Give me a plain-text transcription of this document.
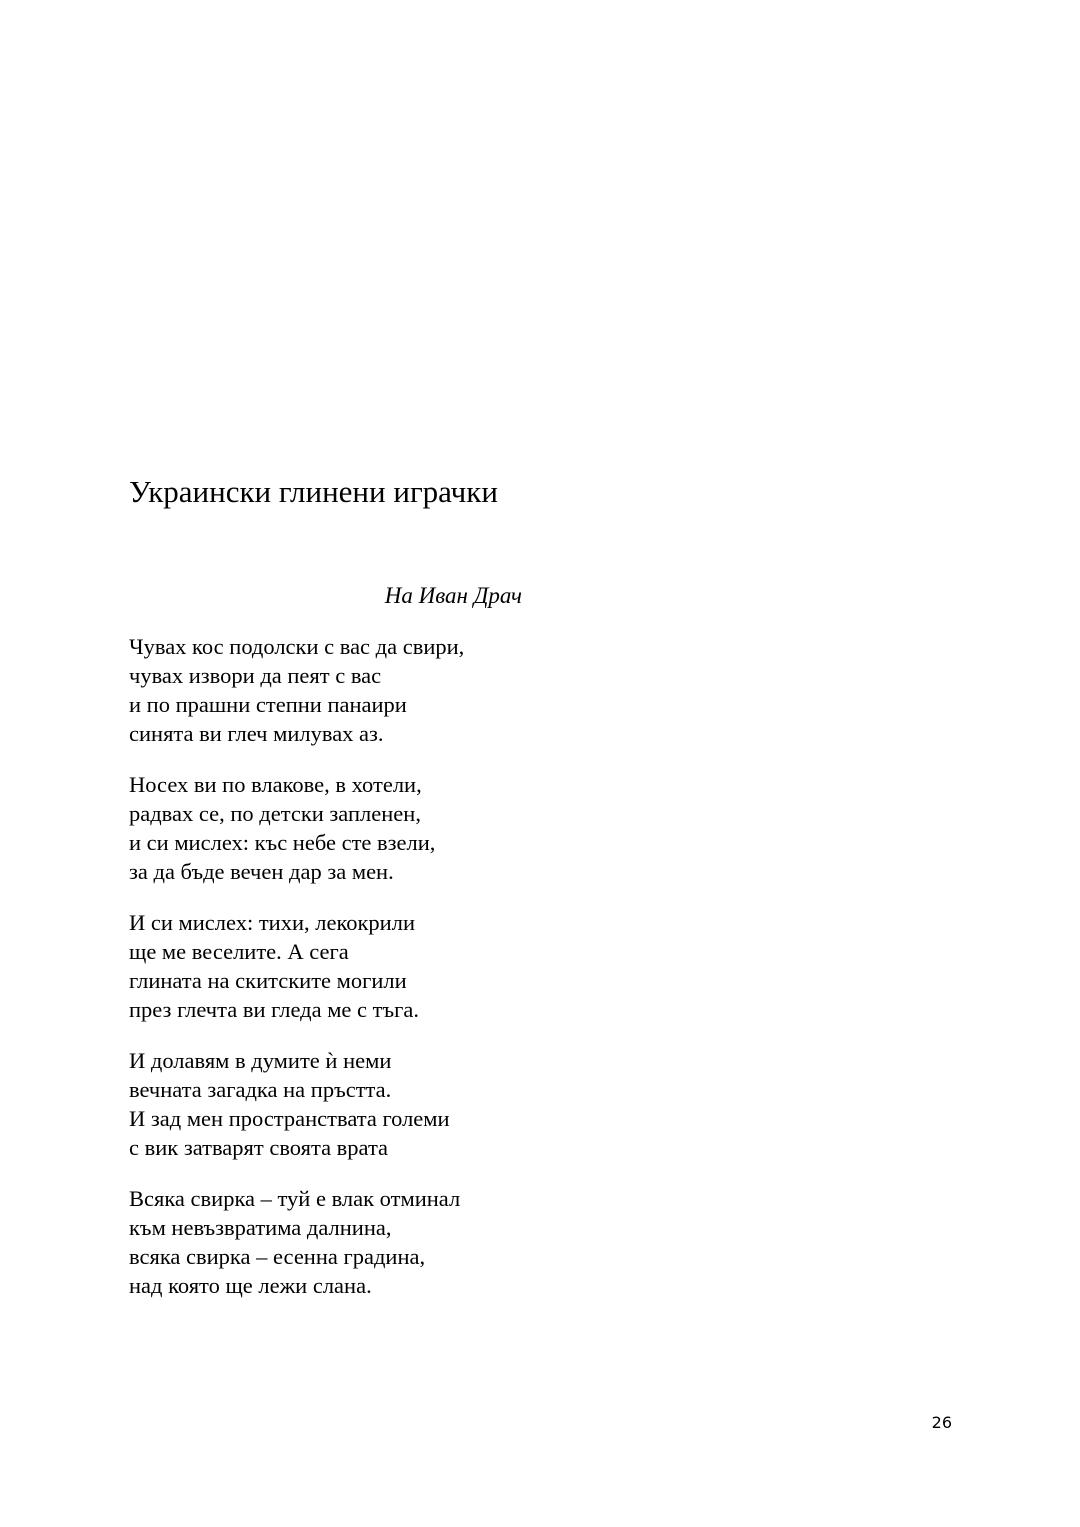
Украински глинени играчки

На Иван Драч

Чувах кос подолски с вас да свири,
чувах извори да пеят с вас
и по прашни степни панаири
синята ви глеч милувах аз.

Носех ви по влакове, в хотели,
радвах се, по детски запленен,
и си мислех: къс небе сте взели,
за да бъде вечен дар за мен.

И си мислех: тихи, лекокрили
ще ме веселите. А сега
глината на скитските могили
през глечта ви гледа ме с тъга.

И долавям в думите ѝ неми
вечната загадка на пръстта.
И зад мен пространствата големи
с вик затварят своята врата

Всяка свирка – туй е влак отминал
към невъзвратима далнина,
всяка свирка – есенна градина,
над която ще лежи слана.

26
